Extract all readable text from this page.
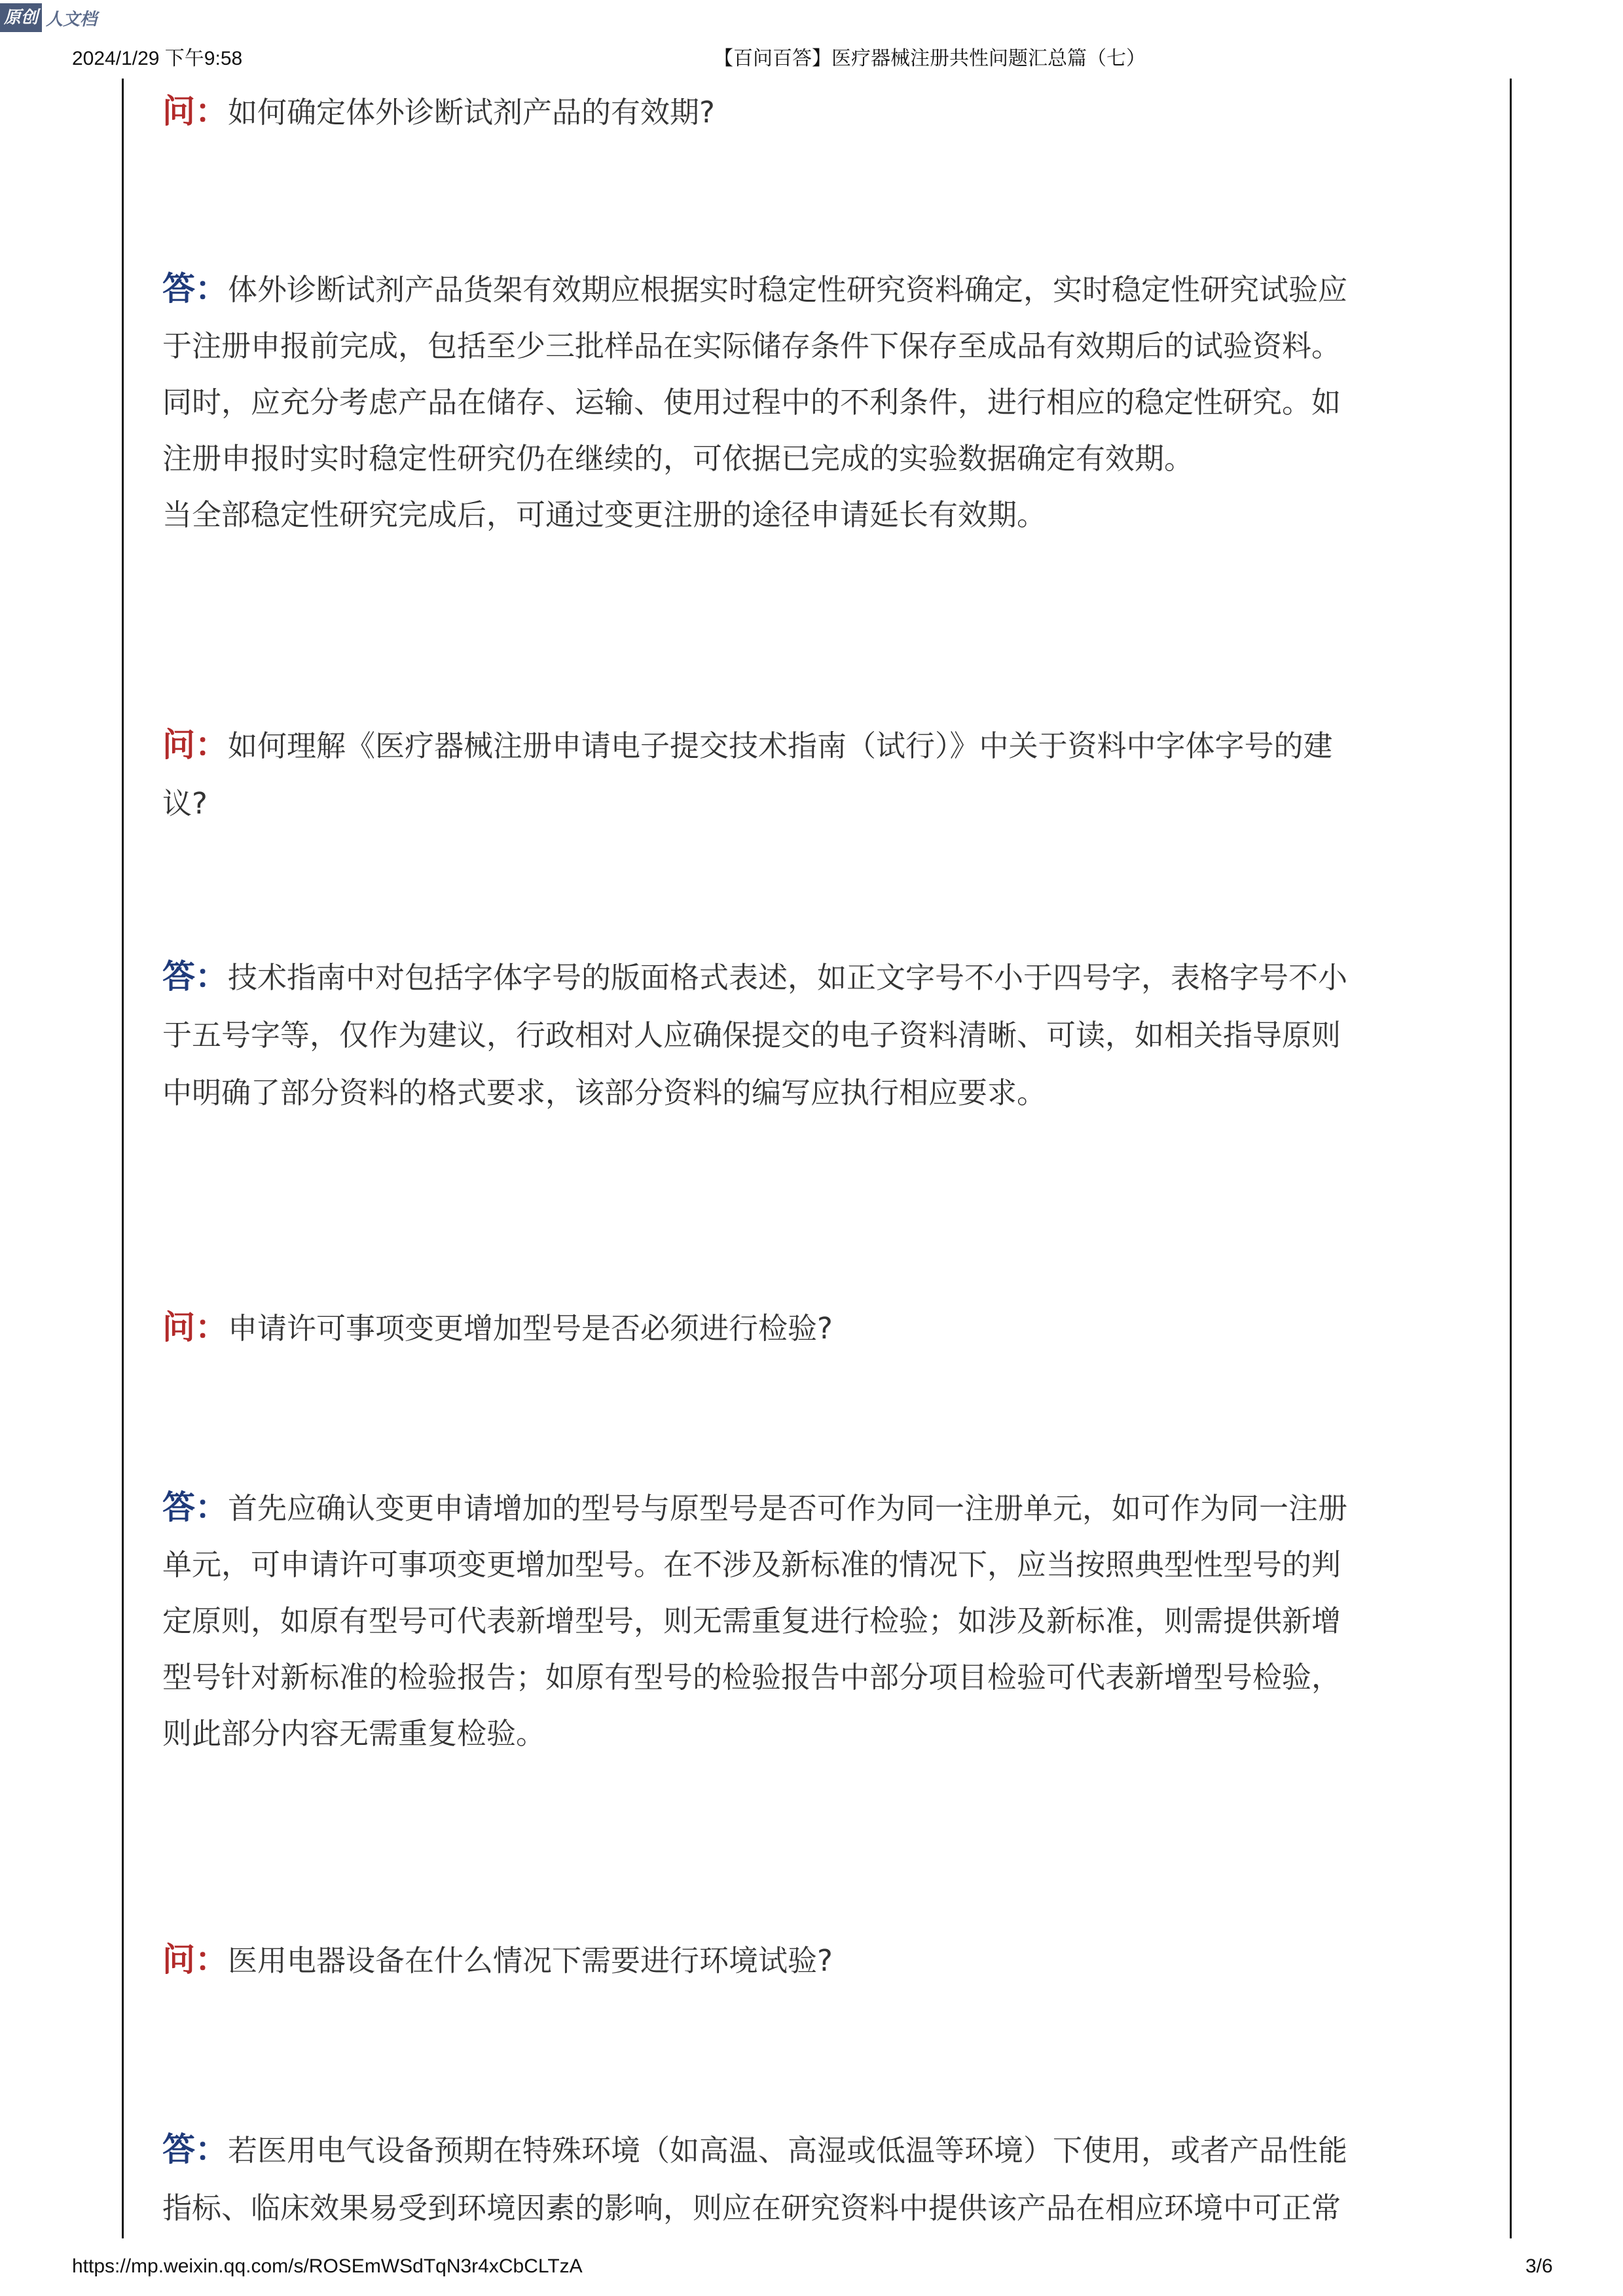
原创 人文档
2024/1/29 下午9:58	【百问百答】医疗器械注册共性问题汇总篇（七）
问：如何确定体外诊断试剂产品的有效期?
答：体外诊断试剂产品货架有效期应根据实时稳定性研究资料确定，实时稳定性研究试验应
于注册申报前完成，包括至少三批样品在实际储存条件下保存至成品有效期后的试验资料。
同时，应充分考虑产品在储存、运输、使用过程中的不利条件，进行相应的稳定性研究。如
注册申报时实时稳定性研究仍在继续的，可依据已完成的实验数据确定有效期。
当全部稳定性研究完成后，可通过变更注册的途径申请延长有效期。
问：如何理解《医疗器械注册申请电子提交技术指南（试行）》中关于资料中字体字号的建
议?
答：技术指南中对包括字体字号的版面格式表述，如正文字号不小于四号字，表格字号不小
于五号字等，仅作为建议，行政相对人应确保提交的电子资料清晰、可读，如相关指导原则
中明确了部分资料的格式要求，该部分资料的编写应执行相应要求。
问：申请许可事项变更增加型号是否必须进行检验?
答：首先应确认变更申请增加的型号与原型号是否可作为同一注册单元，如可作为同一注册
单元，可申请许可事项变更增加型号。在不涉及新标准的情况下，应当按照典型性型号的判
定原则，如原有型号可代表新增型号，则无需重复进行检验；如涉及新标准，则需提供新增
型号针对新标准的检验报告；如原有型号的检验报告中部分项目检验可代表新增型号检验，
则此部分内容无需重复检验。
问：医用电器设备在什么情况下需要进行环境试验?
答：若医用电气设备预期在特殊环境（如高温、高湿或低温等环境）下使用，或者产品性能
指标、临床效果易受到环境因素的影响，则应在研究资料中提供该产品在相应环境中可正常
https://mp.weixin.qq.com/s/ROSEmWSdTqN3r4xCbCLTzA	3/6
